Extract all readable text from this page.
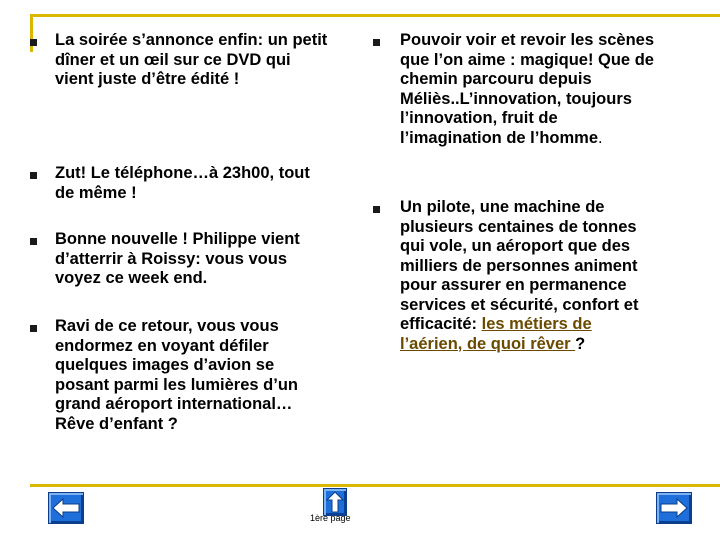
La soirée s’annonce enfin: un petit
dîner et un œil sur ce DVD qui
vient juste d’être édité !
Zut! Le téléphone…à 23h00, tout
de même !
Bonne nouvelle ! Philippe vient
d’atterrir à Roissy: vous vous
voyez ce week end.
Ravi de ce retour, vous vous
endormez en voyant défiler
quelques images d’avion se
posant parmi les lumières d’un
grand aéroport international…
Rêve d’enfant ?
Pouvoir voir et revoir les scènes
que l’on aime : magique! Que de
chemin parcouru depuis
Méliès..L’innovation, toujours
l’innovation, fruit de
l’imagination de l’homme.
Un pilote, une machine de
plusieurs centaines de tonnes
qui vole, un aéroport que des
milliers de personnes animent
pour assurer en permanence
services et sécurité, confort et
efficacité: les métiers de
l’aérien, de quoi rêver ?
1ère page
